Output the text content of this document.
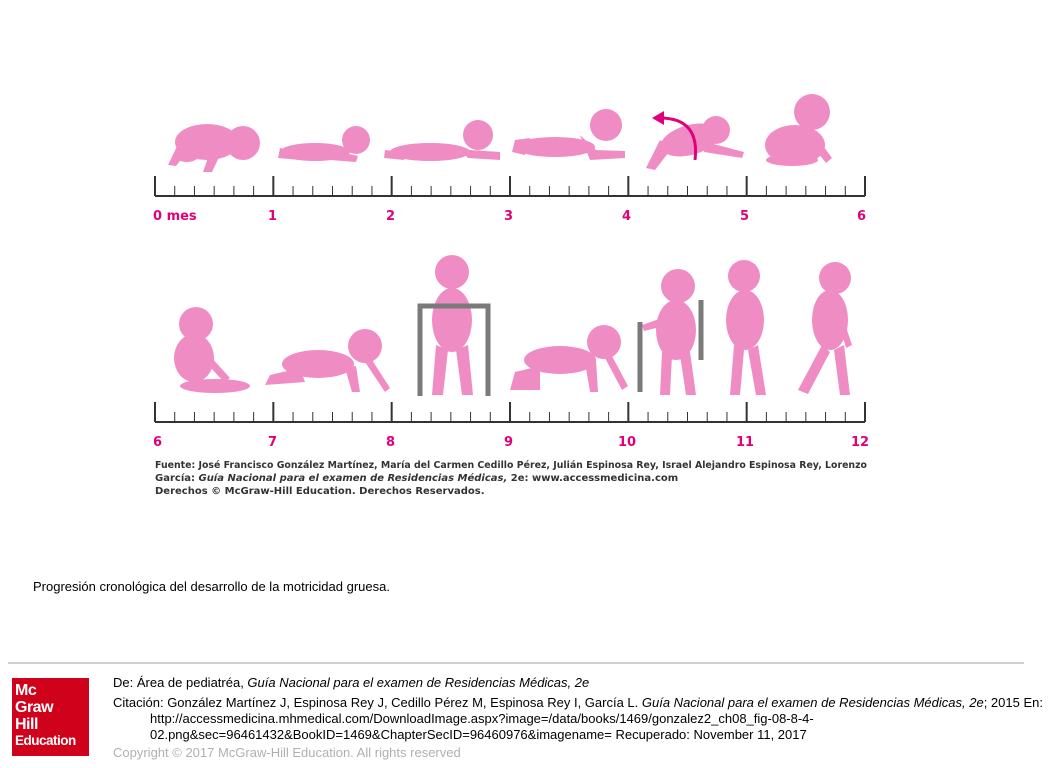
0 mes	1	2	3	4	5	6
6	7	8	9	10	11	12
Fuente: José Francisco González Martínez, María del Carmen Cedillo Pérez, Julián Espinosa Rey, Israel Alejandro Espinosa Rey, Lorenzo
García: Guía Nacional para el examen de Residencias Médicas, 2e: www.accessmedicina.com
Derechos © McGraw-Hill Education. Derechos Reservados.
Progresión cronológica del desarrollo de la motricidad gruesa.
Mc
Graw
Hill
Education
De: Área de pediatréa, Guía Nacional para el examen de Residencias Médicas, 2e
Citación: González Martínez J, Espinosa Rey J, Cedillo Pérez M, Espinosa Rey I, García L. Guía Nacional para el examen de Residencias Médicas, 2e; 2015 En: http://accessmedicina.mhmedical.com/DownloadImage.aspx?image=/data/books/1469/gonzalez2_ch08_fig-08-8-4-02.png&sec=96461432&BookID=1469&ChapterSecID=96460976&imagename= Recuperado: November 11, 2017
Copyright © 2017 McGraw-Hill Education. All rights reserved
